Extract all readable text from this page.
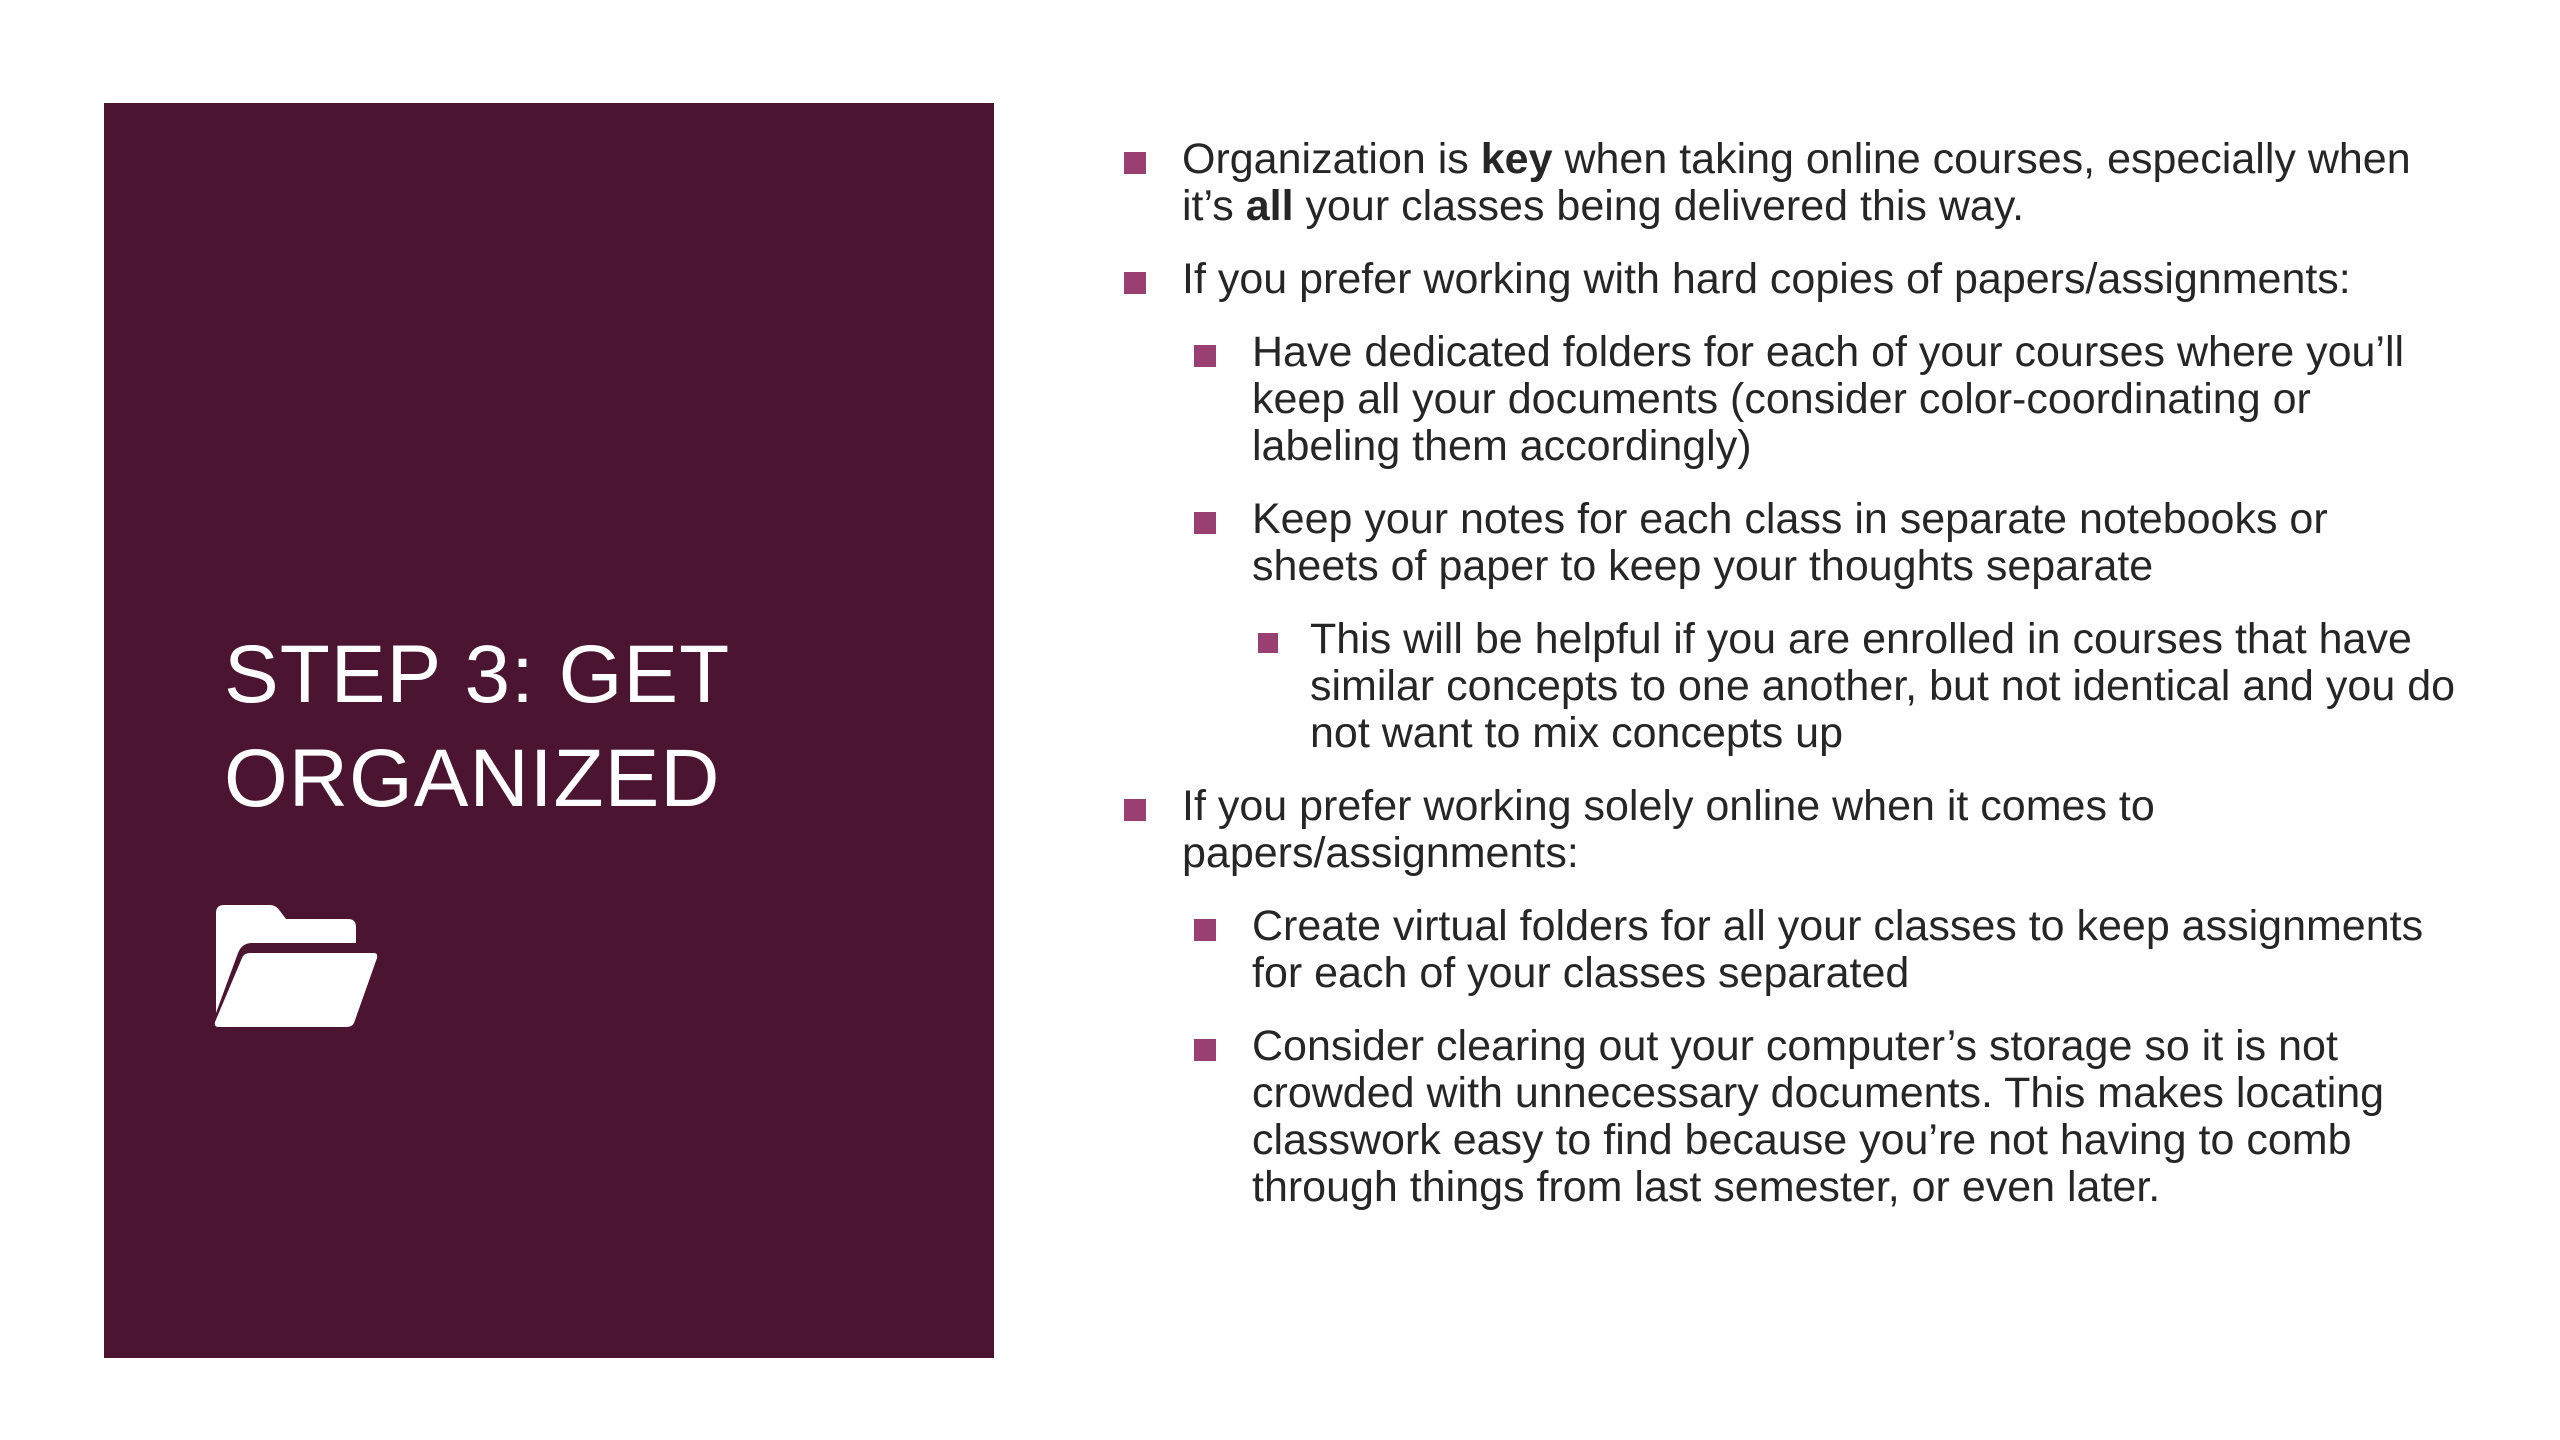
STEP 3: GET
ORGANIZED

Organization is key when taking online courses, especially when it’s all your classes being delivered this way.

If you prefer working with hard copies of papers/assignments:

Have dedicated folders for each of your courses where you’ll keep all your documents (consider color-coordinating or labeling them accordingly)

Keep your notes for each class in separate notebooks or sheets of paper to keep your thoughts separate

This will be helpful if you are enrolled in courses that have similar concepts to one another, but not identical and you do not want to mix concepts up

If you prefer working solely online when it comes to papers/assignments:

Create virtual folders for all your classes to keep assignments for each of your classes separated

Consider clearing out your computer’s storage so it is not crowded with unnecessary documents. This makes locating classwork easy to find because you’re not having to comb through things from last semester, or even later.
